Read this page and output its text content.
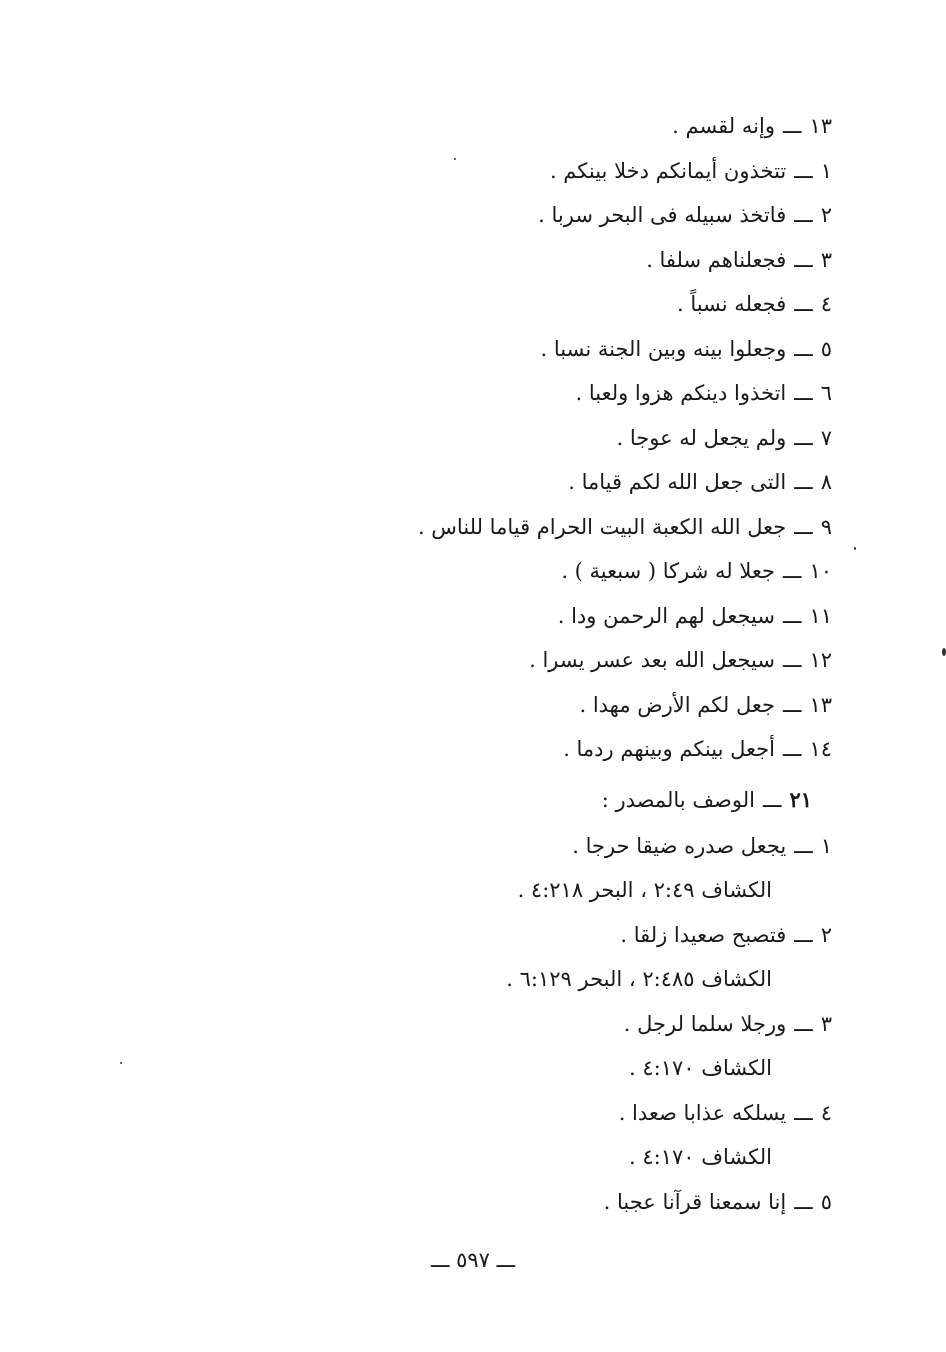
١٣ـــوإنه لقسم .
١ـــتتخذون أيمانكم دخلا بينكم .
٢ـــفاتخذ سبيله فى البحر سربا .
٣ـــفجعلناهم سلفا .
٤ـــفجعله نسباً .
٥ـــوجعلوا بينه وبين الجنة نسبا .
٦ـــاتخذوا دينكم هزوا ولعبا .
٧ـــولم يجعل له عوجا .
٨ـــالتى جعل الله لكم قياما .
٩ـــجعل الله الكعبة البيت الحرام قياما للناس .
١٠ـــجعلا له شركا ( سبعية ) .
١١ـــسيجعل لهم الرحمن ودا .
١٢ـــسيجعل الله بعد عسر يسرا .
١٣ـــجعل لكم الأرض مهدا .
١٤ـــأجعل بينكم وبينهم ردما .
٢١ـــالوصف بالمصدر :
١ـــيجعل صدره ضيقا حرجا .
الكشاف ٢:٤٩ ، البحر ٤:٢١٨ .
٢ـــفتصبح صعيدا زلقا .
الكشاف ٢:٤٨٥ ، البحر ٦:١٢٩ .
٣ـــورجلا سلما لرجل .
الكشاف ٤:١٧٠ .
٤ـــيسلكه عذابا صعدا .
الكشاف ٤:١٧٠ .
٥ـــإنا سمعنا قرآنا عجبا .
ـــ ٥٩٧ ـــ
